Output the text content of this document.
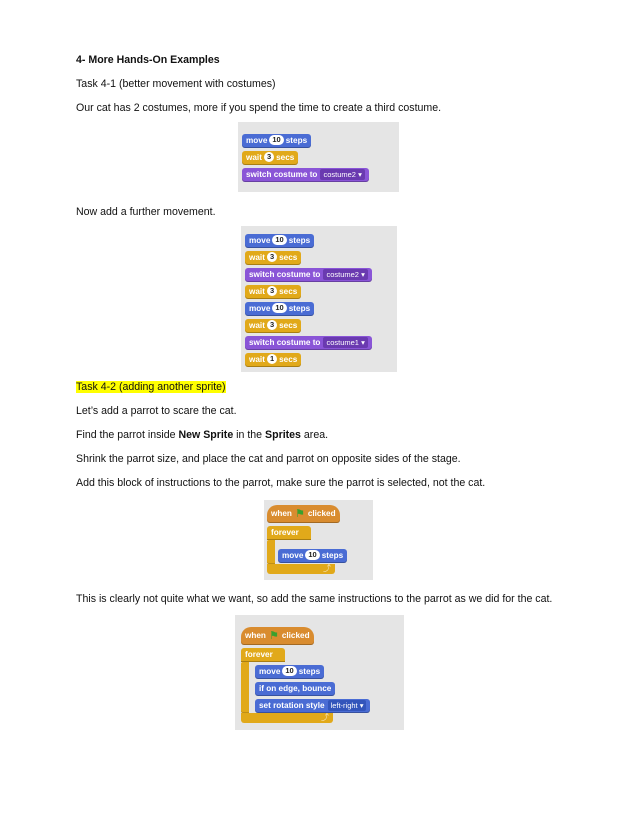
4- More Hands-On Examples
Task 4-1 (better movement with costumes)
Our cat has 2 costumes, more if you spend the time to create a third costume.
move 10 steps
wait 3 secs
switch costume to costume2 ▾
Now add a further movement.
move 10 steps
wait 3 secs
switch costume to costume2 ▾
wait 3 secs
move 10 steps
wait 3 secs
switch costume to costume1 ▾
wait 1 secs
Task 4-2 (adding another sprite)
Let’s add a parrot to scare the cat.
Find the parrot inside New Sprite in the Sprites area.
Shrink the parrot size, and place the cat and parrot on opposite sides of the stage.
Add this block of instructions to the parrot, make sure the parrot is selected, not the cat.
when ⚑ clicked
forever
move 10 steps
⤴
This is clearly not quite what we want, so add the same instructions to the parrot as we did for the cat.
when ⚑ clicked
forever
move 10 steps
if on edge, bounce
set rotation style left-right ▾
⤴
